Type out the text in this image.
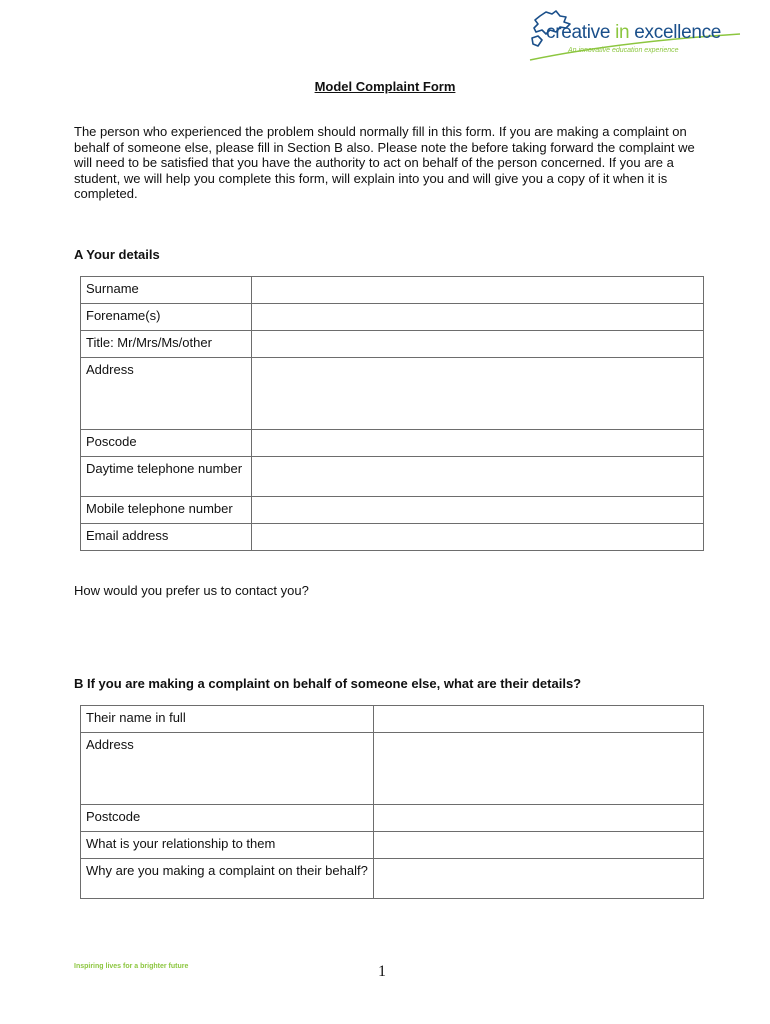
creative in excellence
An innovative education experience
Model Complaint Form

The person who experienced the problem should normally fill in this form. If you are making a complaint on behalf of someone else, please fill in Section B also. Please note the before taking forward the complaint we will need to be satisfied that you have the authority to act on behalf of the person concerned. If you are a student, we will help you complete this form, will explain into you and will give you a copy of it when it is completed.

A Your details
Surname	
Forename(s)	
Title: Mr/Mrs/Ms/other	
Address	
Poscode	
Daytime telephone number	
Mobile telephone number	
Email address	
How would you prefer us to contact you?
B If you are making a complaint on behalf of someone else, what are their details?
Their name in full	
Address	
Postcode	
What is your relationship to them	
Why are you making a complaint on their behalf?	
Inspiring lives for a brighter future	1
